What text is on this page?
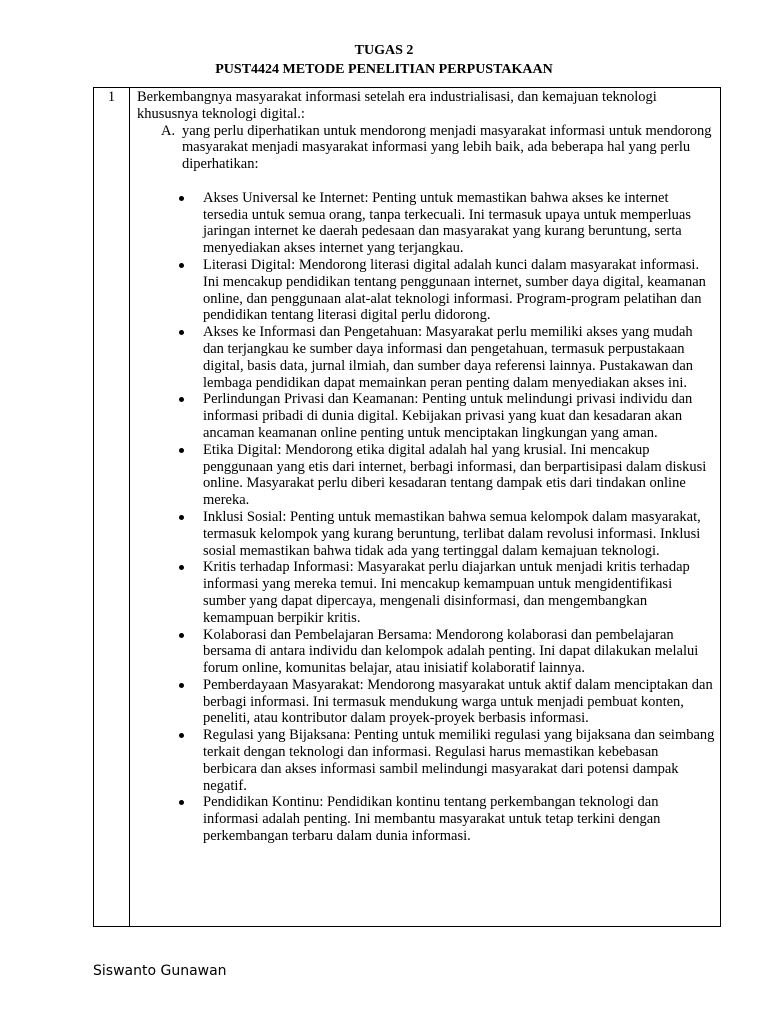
TUGAS 2
PUST4424 METODE PENELITIAN PERPUSTAKAAN
1	Berkembangnya masyarakat informasi setelah era industrialisasi, dan kemajuan teknologi khususnya teknologi digital.:

A. yang perlu diperhatikan untuk mendorong menjadi masyarakat informasi untuk mendorong masyarakat menjadi masyarakat informasi yang lebih baik, ada beberapa hal yang perlu diperhatikan:
Akses Universal ke Internet: Penting untuk memastikan bahwa akses ke internet tersedia untuk semua orang, tanpa terkecuali. Ini termasuk upaya untuk memperluas jaringan internet ke daerah pedesaan dan masyarakat yang kurang beruntung, serta menyediakan akses internet yang terjangkau.
Literasi Digital: Mendorong literasi digital adalah kunci dalam masyarakat informasi. Ini mencakup pendidikan tentang penggunaan internet, sumber daya digital, keamanan online, dan penggunaan alat-alat teknologi informasi. Program-program pelatihan dan pendidikan tentang literasi digital perlu didorong.
Akses ke Informasi dan Pengetahuan: Masyarakat perlu memiliki akses yang mudah dan terjangkau ke sumber daya informasi dan pengetahuan, termasuk perpustakaan digital, basis data, jurnal ilmiah, dan sumber daya referensi lainnya. Pustakawan dan lembaga pendidikan dapat memainkan peran penting dalam menyediakan akses ini.
Perlindungan Privasi dan Keamanan: Penting untuk melindungi privasi individu dan informasi pribadi di dunia digital. Kebijakan privasi yang kuat dan kesadaran akan ancaman keamanan online penting untuk menciptakan lingkungan yang aman.
Etika Digital: Mendorong etika digital adalah hal yang krusial. Ini mencakup penggunaan yang etis dari internet, berbagi informasi, dan berpartisipasi dalam diskusi online. Masyarakat perlu diberi kesadaran tentang dampak etis dari tindakan online mereka.
Inklusi Sosial: Penting untuk memastikan bahwa semua kelompok dalam masyarakat, termasuk kelompok yang kurang beruntung, terlibat dalam revolusi informasi. Inklusi sosial memastikan bahwa tidak ada yang tertinggal dalam kemajuan teknologi.
Kritis terhadap Informasi: Masyarakat perlu diajarkan untuk menjadi kritis terhadap informasi yang mereka temui. Ini mencakup kemampuan untuk mengidentifikasi sumber yang dapat dipercaya, mengenali disinformasi, dan mengembangkan kemampuan berpikir kritis.
Kolaborasi dan Pembelajaran Bersama: Mendorong kolaborasi dan pembelajaran bersama di antara individu dan kelompok adalah penting. Ini dapat dilakukan melalui forum online, komunitas belajar, atau inisiatif kolaboratif lainnya.
Pemberdayaan Masyarakat: Mendorong masyarakat untuk aktif dalam menciptakan dan berbagi informasi. Ini termasuk mendukung warga untuk menjadi pembuat konten, peneliti, atau kontributor dalam proyek-proyek berbasis informasi.
Regulasi yang Bijaksana: Penting untuk memiliki regulasi yang bijaksana dan seimbang terkait dengan teknologi dan informasi. Regulasi harus memastikan kebebasan berbicara dan akses informasi sambil melindungi masyarakat dari potensi dampak negatif.
Pendidikan Kontinu: Pendidikan kontinu tentang perkembangan teknologi dan informasi adalah penting. Ini membantu masyarakat untuk tetap terkini dengan perkembangan terbaru dalam dunia informasi.
Siswanto Gunawan
